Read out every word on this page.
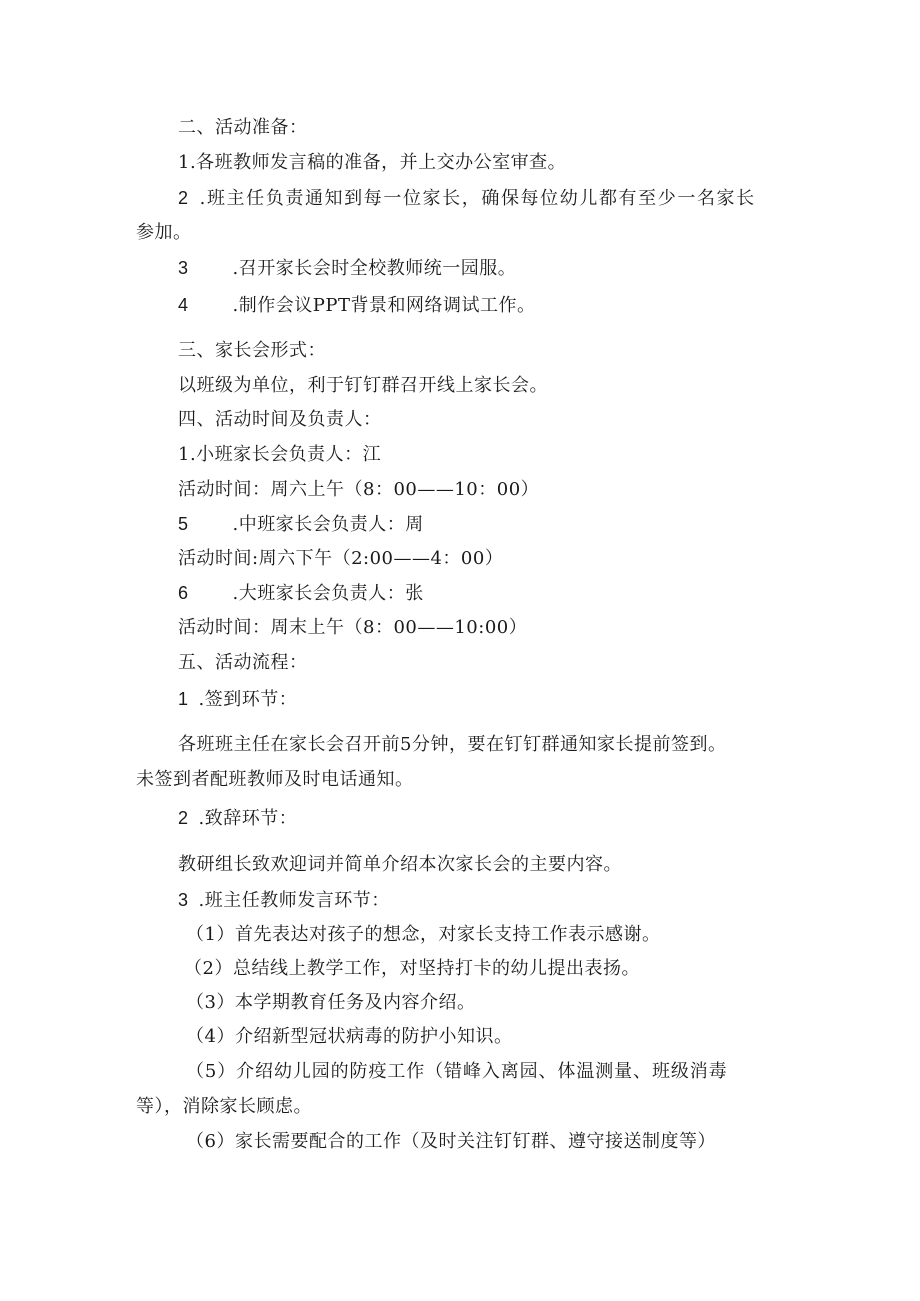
二、活动准备：

1.各班教师发言稿的准备，并上交办公室审查。

2 .班主任负责通知到每一位家长，确保每位幼儿都有至少一名家长

参加。

3 .召开家长会时全校教师统一园服。

4 .制作会议PPT背景和网络调试工作。

三、家长会形式：

以班级为单位，利于钉钉群召开线上家长会。

四、活动时间及负责人：

1.小班家长会负责人：江

活动时间：周六上午（8：00——10：00）

5 .中班家长会负责人：周

活动时间:周六下午（2:00——4：00）

6 .大班家长会负责人：张

活动时间：周末上午（8：00——10:00）

五、活动流程：

1 .签到环节：

各班班主任在家长会召开前5分钟，要在钉钉群通知家长提前签到。

未签到者配班教师及时电话通知。

2 .致辞环节：

教研组长致欢迎词并简单介绍本次家长会的主要内容。

3 .班主任教师发言环节：

（1）首先表达对孩子的想念，对家长支持工作表示感谢。

（2）总结线上教学工作，对坚持打卡的幼儿提出表扬。

（3）本学期教育任务及内容介绍。

（4）介绍新型冠状病毒的防护小知识。

（5）介绍幼儿园的防疫工作（错峰入离园、体温测量、班级消毒

等），消除家长顾虑。

（6）家长需要配合的工作（及时关注钉钉群、遵守接送制度等）
